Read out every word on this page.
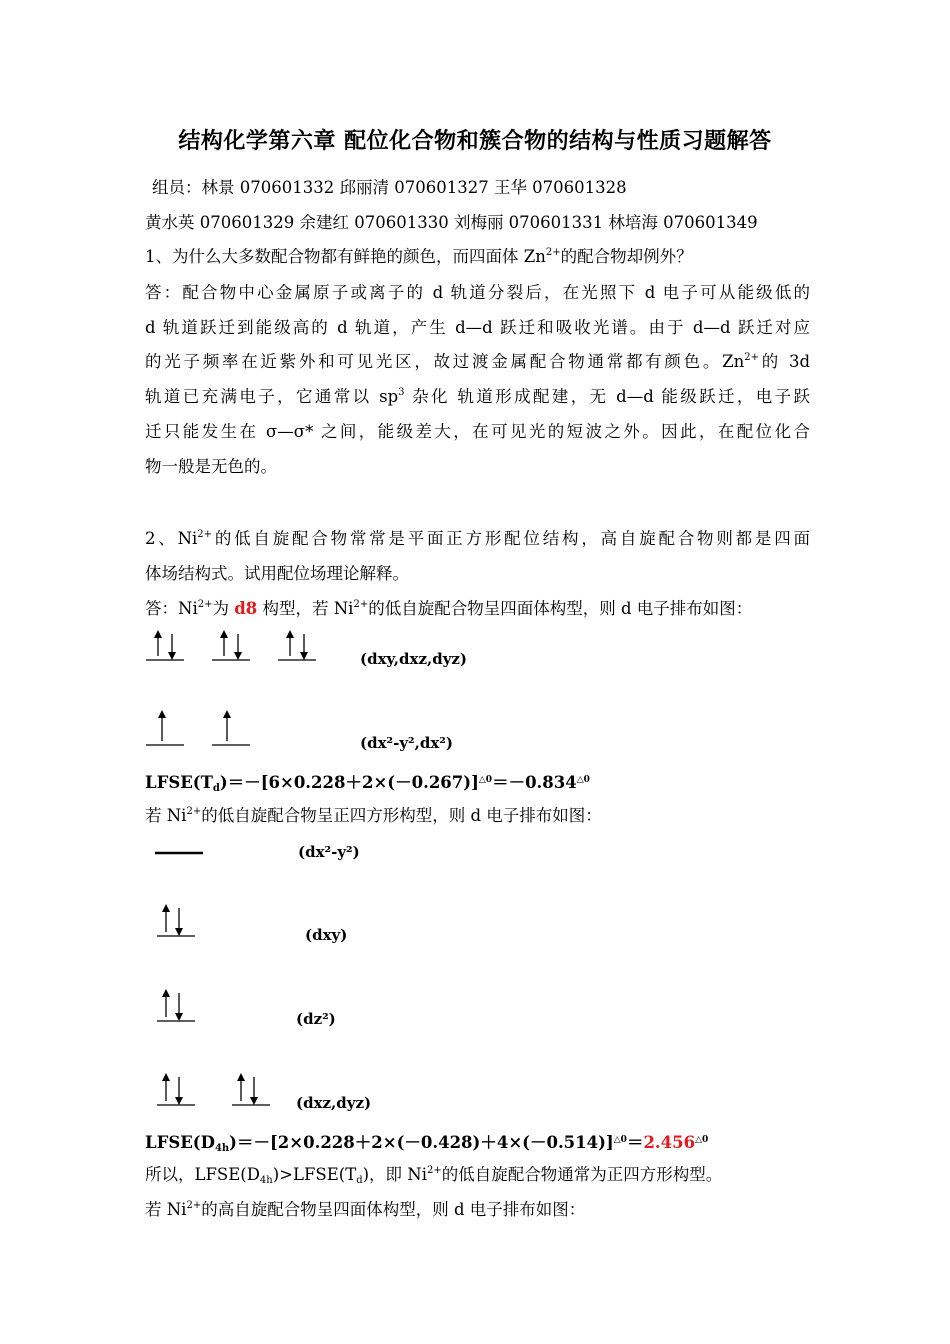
结构化学第六章 配位化合物和簇合物的结构与性质习题解答
组员：林景 070601332 邱丽清 070601327 王华 070601328
黄水英 070601329 余建红 070601330 刘梅丽 070601331 林培海 070601349
1、为什么大多数配合物都有鲜艳的颜色，而四面体 $Zn^{2+}$的配合物却例外？
答：配合物中心金属原子或离子的 d 轨道分裂后，在光照下 d 电子可从能级低的
d 轨道跃迁到能级高的 d 轨道，产生 d—d 跃迁和吸收光谱。由于 d—d 跃迁对应
的光子频率在近紫外和可见光区，故过渡金属配合物通常都有颜色。$Zn^{2+}$的 3d
轨道已充满电子，它通常以 $sp^3$ 杂化 轨道形成配建，无 d—d 能级跃迁，电子跃
迁只能发生在 σ—σ* 之间，能级差大，在可见光的短波之外。因此，在配位化合
物一般是无色的。
2、$Ni^{2+}$的低自旋配合物常常是平面正方形配位结构，高自旋配合物则都是四面
体场结构式。试用配位场理论解释。
答：$Ni^{2+}$为 d8 构型，若 $Ni^{2+}$的低自旋配合物呈四面体构型，则 d 电子排布如图：
(dxy,dxz,dyz)
(dx²-y²,dx²)
$LFSE(T_d)=-[6\times 0.228+2\times(-0.267)]^{\triangle 0}=-0.834^{\triangle 0}$
若 $Ni^{2+}$的低自旋配合物呈正四方形构型，则 d 电子排布如图：
(dx²-y²)
(dxy)
(dz²)
(dxz,dyz)
$LFSE(D_{4h})=-[2\times 0.228+2\times(-0.428)+4\times(-0.514)]^{\triangle 0}=2.456^{\triangle 0}$
所以，$LFSE(D_{4h})>LFSE(T_d)$，即 $Ni^{2+}$的低自旋配合物通常为正四方形构型。
若 $Ni^{2+}$的高自旋配合物呈四面体构型，则 d 电子排布如图：
